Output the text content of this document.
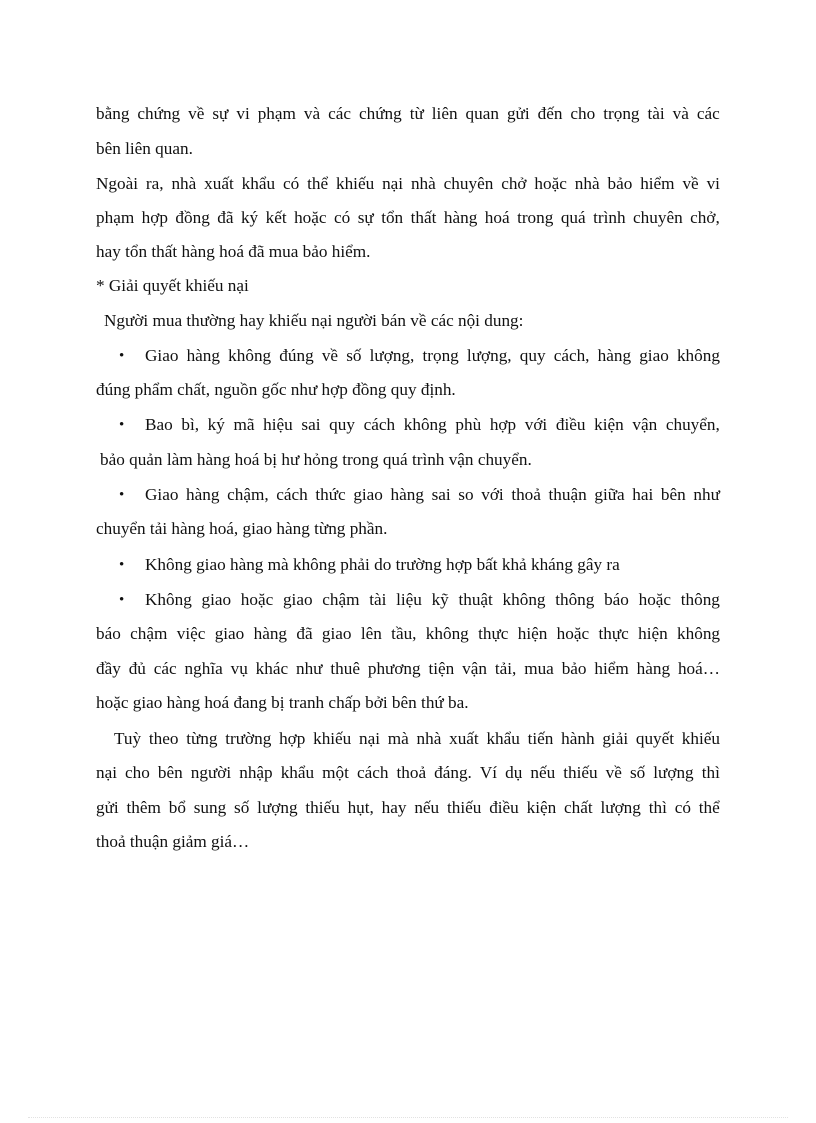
bằng chứng về sự vi phạm và các chứng từ liên quan gửi đến cho trọng tài và các
bên liên quan.
Ngoài ra, nhà xuất khẩu có thể khiếu nại nhà chuyên chở hoặc nhà bảo hiểm về vi
phạm hợp đồng đã ký kết hoặc có sự tổn thất hàng hoá trong quá trình chuyên chở,
hay tổn thất hàng hoá đã mua bảo hiểm.
* Giải quyết khiếu nại
Người mua thường hay khiếu nại người bán về các nội dung:
• Giao hàng không đúng về số lượng, trọng lượng, quy cách, hàng giao không
đúng phẩm chất, nguồn gốc như hợp đồng quy định.
• Bao bì, ký mã hiệu sai quy cách không phù hợp với điều kiện vận chuyển,
bảo quản làm hàng hoá bị hư hỏng trong quá trình vận chuyển.
• Giao hàng chậm, cách thức giao hàng sai so với thoả thuận giữa hai bên như
chuyển tải hàng hoá, giao hàng từng phần.
• Không giao hàng mà không phải do trường hợp bất khả kháng gây ra
• Không giao hoặc giao chậm tài liệu kỹ thuật không thông báo hoặc thông
báo chậm việc giao hàng đã giao lên tầu, không thực hiện hoặc thực hiện không
đầy đủ các nghĩa vụ khác như thuê phương tiện vận tải, mua bảo hiểm hàng hoá…
hoặc giao hàng hoá đang bị tranh chấp bởi bên thứ ba.
Tuỳ theo từng trường hợp khiếu nại mà nhà xuất khẩu tiến hành giải quyết khiếu
nại cho bên người nhập khẩu một cách thoả đáng. Ví dụ nếu thiếu về số lượng thì
gửi thêm bổ sung số lượng thiếu hụt, hay nếu thiếu điều kiện chất lượng thì có thể
thoả thuận giảm giá…
